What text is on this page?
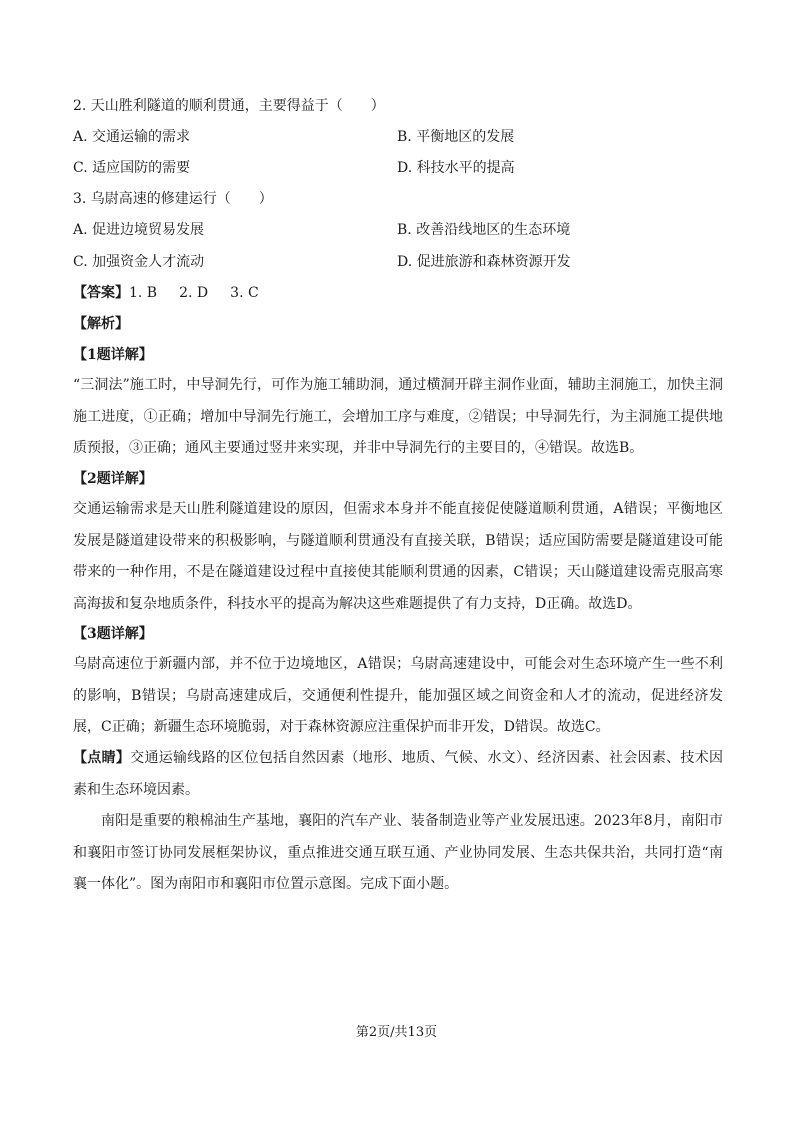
2. 天山胜利隧道的顺利贯通，主要得益于（　　）
A. 交通运输的需求	B. 平衡地区的发展
C. 适应国防的需要	D. 科技水平的提高
3. 乌尉高速的修建运行（　　）
A. 促进边境贸易发展	B. 改善沿线地区的生态环境
C. 加强资金人才流动	D. 促进旅游和森林资源开发
【答案】1. B 2. D 3. C
【解析】
【1题详解】
“三洞法”施工时，中导洞先行，可作为施工辅助洞，通过横洞开辟主洞作业面，辅助主洞施工，加快主洞施工进度，①正确；增加中导洞先行施工，会增加工序与难度，②错误；中导洞先行，为主洞施工提供地质预报，③正确；通风主要通过竖井来实现，并非中导洞先行的主要目的，④错误。故选B。
【2题详解】
交通运输需求是天山胜利隧道建设的原因，但需求本身并不能直接促使隧道顺利贯通，A错误；平衡地区发展是隧道建设带来的积极影响，与隧道顺利贯通没有直接关联，B错误；适应国防需要是隧道建设可能带来的一种作用，不是在隧道建设过程中直接使其能顺利贯通的因素，C错误；天山隧道建设需克服高寒高海拔和复杂地质条件，科技水平的提高为解决这些难题提供了有力支持，D正确。故选D。
【3题详解】
乌尉高速位于新疆内部，并不位于边境地区，A错误；乌尉高速建设中，可能会对生态环境产生一些不利的影响，B错误；乌尉高速建成后，交通便利性提升，能加强区域之间资金和人才的流动，促进经济发展，C正确；新疆生态环境脆弱，对于森林资源应注重保护而非开发，D错误。故选C。
【点睛】交通运输线路的区位包括自然因素（地形、地质、气候、水文）、经济因素、社会因素、技术因素和生态环境因素。
南阳是重要的粮棉油生产基地，襄阳的汽车产业、装备制造业等产业发展迅速。2023年8月，南阳市和襄阳市签订协同发展框架协议，重点推进交通互联互通、产业协同发展、生态共保共治，共同打造“南襄一体化”。图为南阳市和襄阳市位置示意图。完成下面小题。
第2页/共13页
